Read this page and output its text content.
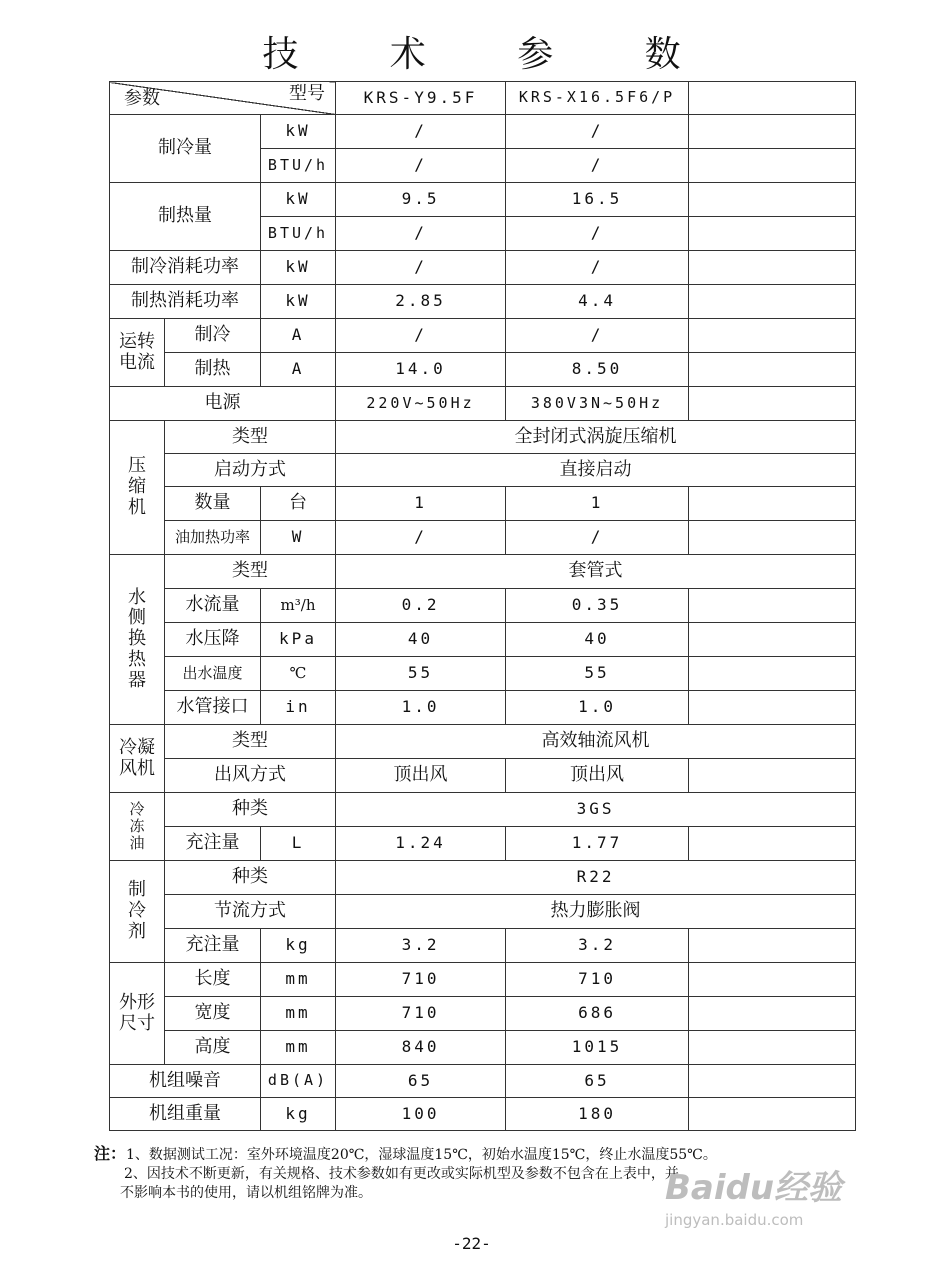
技 术 参 数
参数 型号			KRS-Y9.5F	KRS-X16.5F6/P	
制冷量		kW	/	/	
		BTU/h	/	/	
制热量		kW	9.5	16.5	
		BTU/h	/	/	
制冷消耗功率		kW	/	/	
制热消耗功率		kW	2.85	4.4	
运转电流	制冷	A	/	/	
	制热	A	14.0	8.50	
电源			220V~50Hz	380V3N~50Hz	
压缩机	类型		全封闭式涡旋压缩机		
	启动方式		直接启动		
	数量	台	1	1	
	油加热功率	W	/	/	
水侧换热器	类型		套管式		
	水流量	m³/h	0.2	0.35	
	水压降	kPa	40	40	
	出水温度	℃	55	55	
	水管接口	in	1.0	1.0	
冷凝风机	类型		高效轴流风机		
	出风方式		顶出风	顶出风	
冷冻油	种类		3GS		
	充注量	L	1.24	1.77	
制冷剂	种类		R22		
	节流方式		热力膨胀阀		
	充注量	kg	3.2	3.2	
外形尺寸	长度	mm	710	710	
	宽度	mm	710	686	
	高度	mm	840	1015	
机组噪音		dB(A)	65	65	
机组重量		kg	100	180	
注：1、数据测试工况：室外环境温度20℃，湿球温度15℃，初始水温度15℃，终止水温度55℃。
2、因技术不断更新，有关规格、技术参数如有更改或实际机型及参数不包含在上表中，并
不影响本书的使用，请以机组铭牌为准。	Baidu经验
jingyan.baidu.com
-22-
